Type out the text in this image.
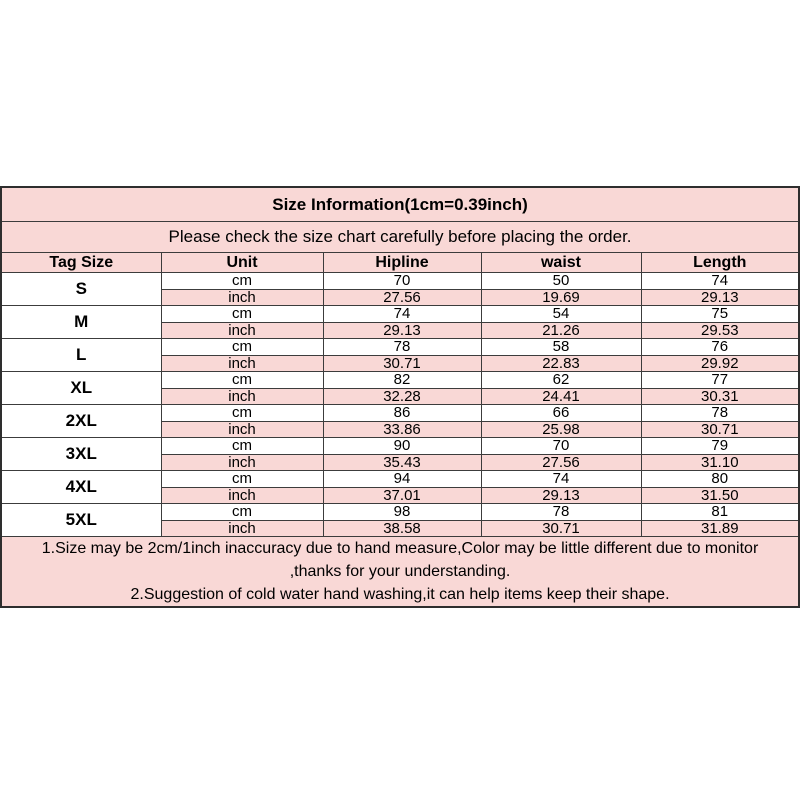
Size Information(1cm=0.39inch)				
Please check the size chart carefully before placing the order.				
Tag Size	Unit	Hipline	waist	Length
S	cm	70	50	74
	inch	27.56	19.69	29.13
M	cm	74	54	75
	inch	29.13	21.26	29.53
L	cm	78	58	76
	inch	30.71	22.83	29.92
XL	cm	82	62	77
	inch	32.28	24.41	30.31
2XL	cm	86	66	78
	inch	33.86	25.98	30.71
3XL	cm	90	70	79
	inch	35.43	27.56	31.10
4XL	cm	94	74	80
	inch	37.01	29.13	31.50
5XL	cm	98	78	81
	inch	38.58	30.71	31.89

1.Size may be 2cm/1inch inaccuracy due to hand measure,Color may be little different due to monitor
,thanks for your understanding.
2.Suggestion of cold water hand washing,it can help items keep their shape.				
